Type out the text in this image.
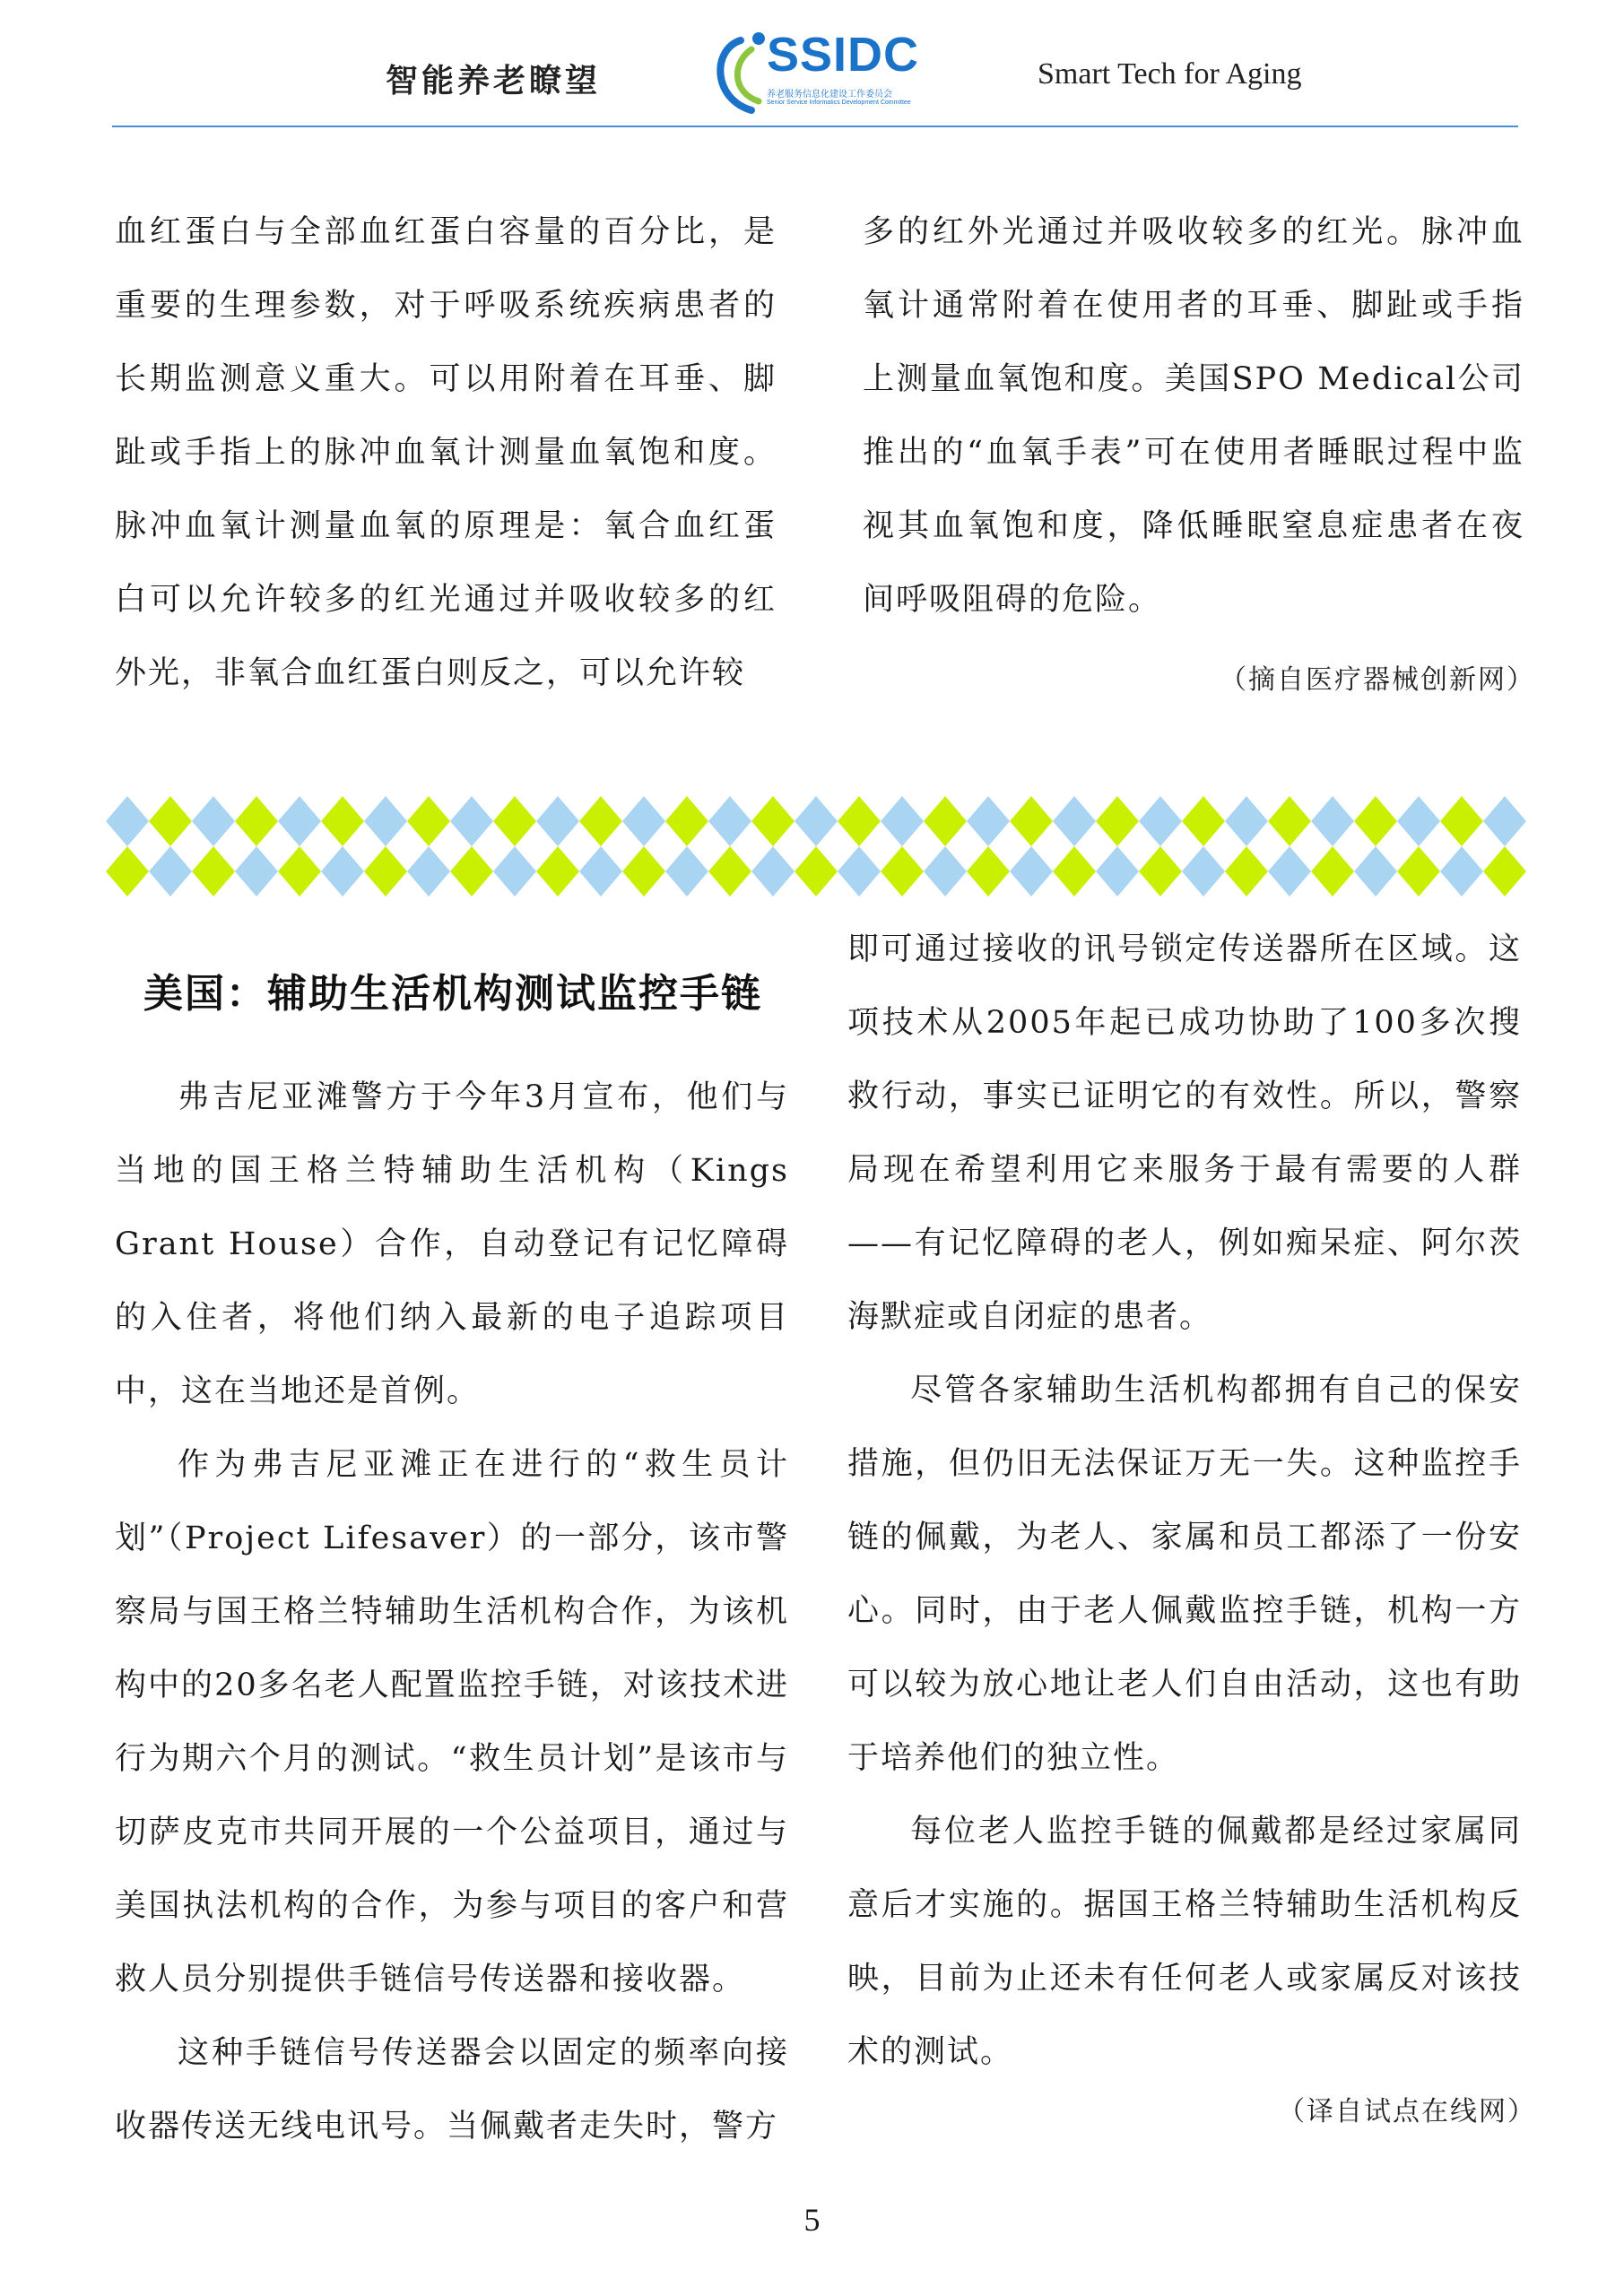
智能养老瞭望	SSIDC
养老服务信息化建设工作委员会
Senior Service Informatics Development Committee
Smart Tech for Aging

血红蛋白与全部血红蛋白容量的百分比，是重要的生理参数，对于呼吸系统疾病患者的长期监测意义重大。可以用附着在耳垂、脚趾或手指上的脉冲血氧计测量血氧饱和度。脉冲血氧计测量血氧的原理是：氧合血红蛋白可以允许较多的红光通过并吸收较多的红外光，非氧合血红蛋白则反之，可以允许较

多的红外光通过并吸收较多的红光。脉冲血氧计通常附着在使用者的耳垂、脚趾或手指上测量血氧饱和度。美国SPO Medical公司推出的“血氧手表”可在使用者睡眠过程中监视其血氧饱和度，降低睡眠窒息症患者在夜间呼吸阻碍的危险。

（摘自医疗器械创新网）
美国：辅助生活机构测试监控手链

弗吉尼亚滩警方于今年3月宣布，他们与当地的国王格兰特辅助生活机构（Kings Grant House）合作，自动登记有记忆障碍的入住者，将他们纳入最新的电子追踪项目中，这在当地还是首例。

作为弗吉尼亚滩正在进行的“救生员计划”（Project Lifesaver）的一部分，该市警察局与国王格兰特辅助生活机构合作，为该机构中的20多名老人配置监控手链，对该技术进行为期六个月的测试。“救生员计划”是该市与切萨皮克市共同开展的一个公益项目，通过与美国执法机构的合作，为参与项目的客户和营救人员分别提供手链信号传送器和接收器。

这种手链信号传送器会以固定的频率向接收器传送无线电讯号。当佩戴者走失时，警方

即可通过接收的讯号锁定传送器所在区域。这项技术从2005年起已成功协助了100多次搜救行动，事实已证明它的有效性。所以，警察局现在希望利用它来服务于最有需要的人群——有记忆障碍的老人，例如痴呆症、阿尔茨海默症或自闭症的患者。

尽管各家辅助生活机构都拥有自己的保安措施，但仍旧无法保证万无一失。这种监控手链的佩戴，为老人、家属和员工都添了一份安心。同时，由于老人佩戴监控手链，机构一方可以较为放心地让老人们自由活动，这也有助于培养他们的独立性。

每位老人监控手链的佩戴都是经过家属同意后才实施的。据国王格兰特辅助生活机构反映，目前为止还未有任何老人或家属反对该技术的测试。

（译自试点在线网）
5
